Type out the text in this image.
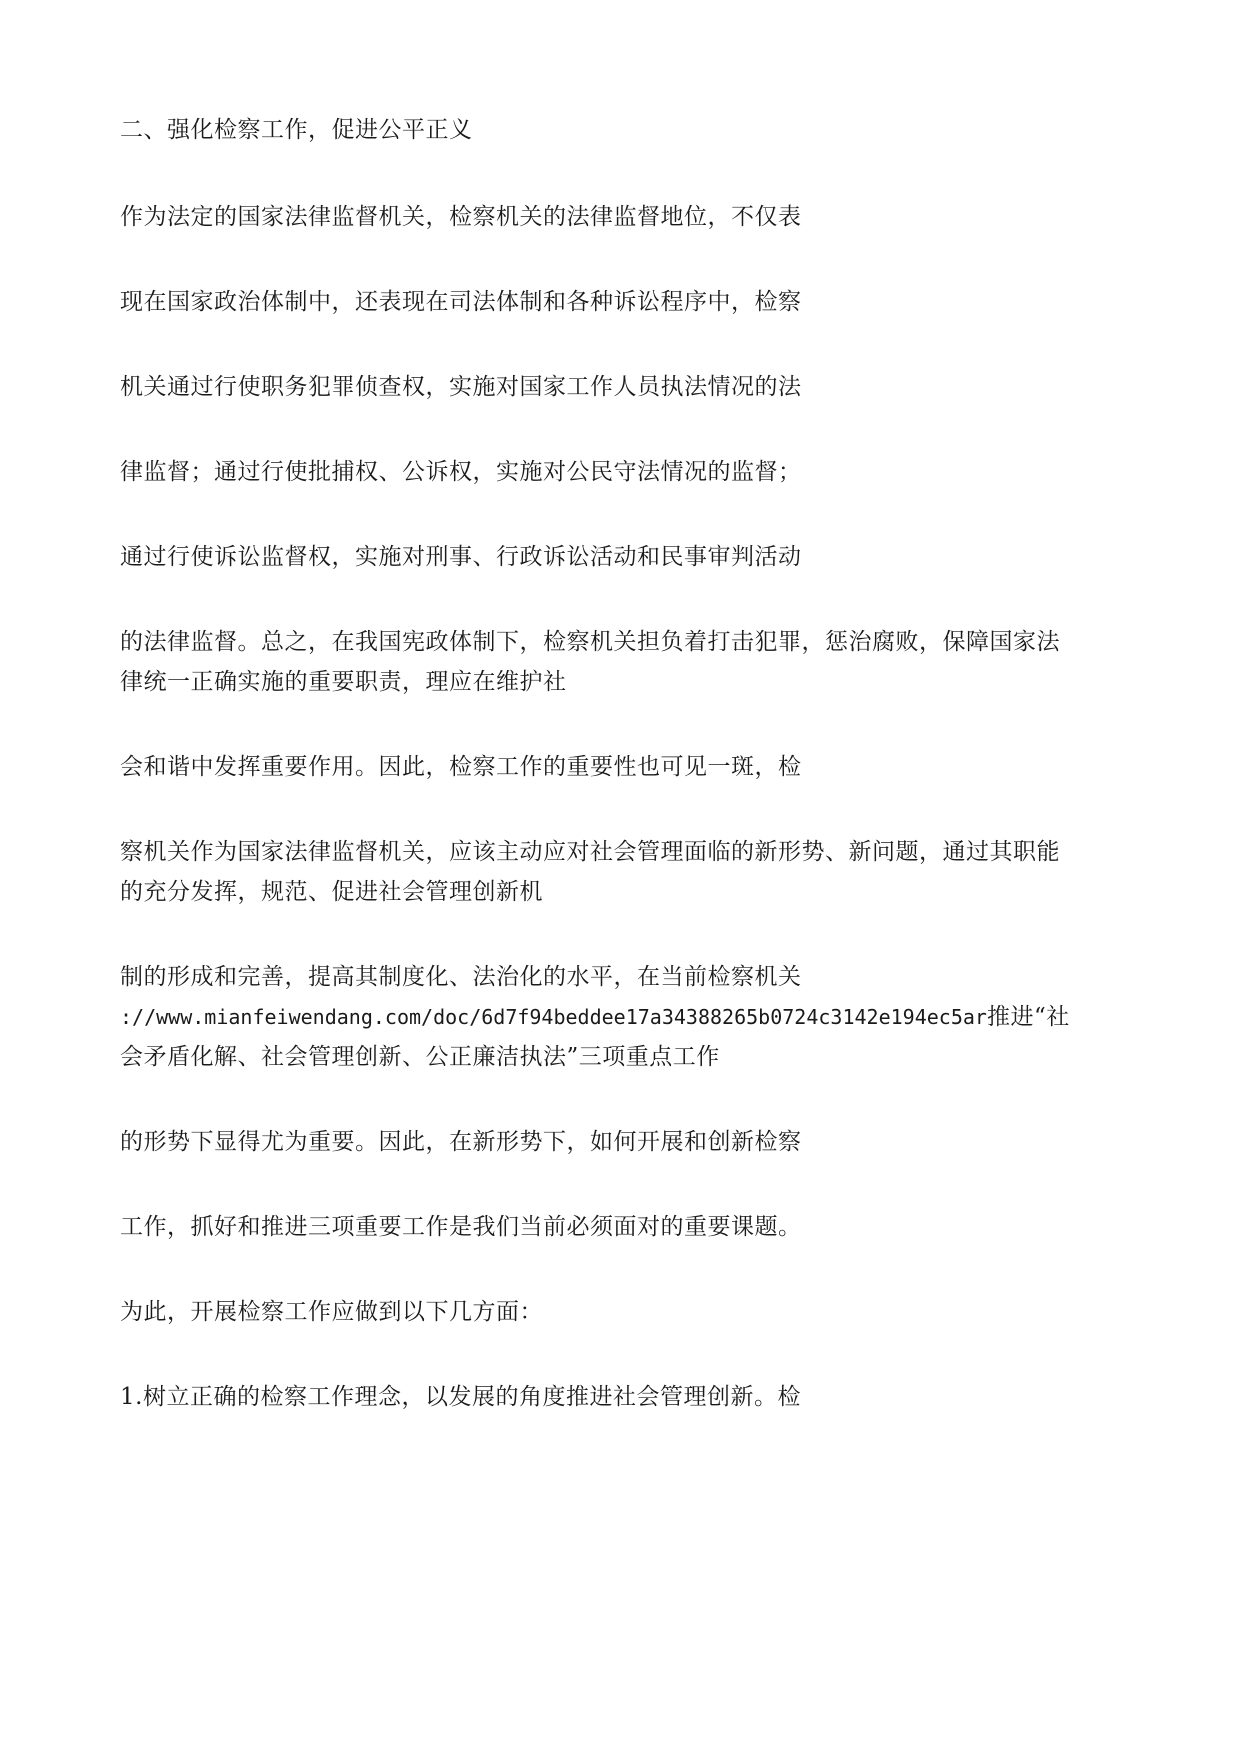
二、强化检察工作，促进公平正义
作为法定的国家法律监督机关，检察机关的法律监督地位，不仅表
现在国家政治体制中，还表现在司法体制和各种诉讼程序中，检察
机关通过行使职务犯罪侦查权，实施对国家工作人员执法情况的法
律监督；通过行使批捕权、公诉权，实施对公民守法情况的监督；
通过行使诉讼监督权，实施对刑事、行政诉讼活动和民事审判活动
的法律监督。总之，在我国宪政体制下，检察机关担负着打击犯罪，惩治腐败，保障国家法
律统一正确实施的重要职责，理应在维护社
会和谐中发挥重要作用。因此，检察工作的重要性也可见一斑，检
察机关作为国家法律监督机关，应该主动应对社会管理面临的新形势、新问题，通过其职能
的充分发挥，规范、促进社会管理创新机
制的形成和完善，提高其制度化、法治化的水平，在当前检察机关
://www.mianfeiwendang.com/doc/6d7f94beddee17a34388265b0724c3142e194ec5ar推进“社
会矛盾化解、社会管理创新、公正廉洁执法”三项重点工作
的形势下显得尤为重要。因此，在新形势下，如何开展和创新检察
工作，抓好和推进三项重要工作是我们当前必须面对的重要课题。
为此，开展检察工作应做到以下几方面：
1.树立正确的检察工作理念，以发展的角度推进社会管理创新。检
